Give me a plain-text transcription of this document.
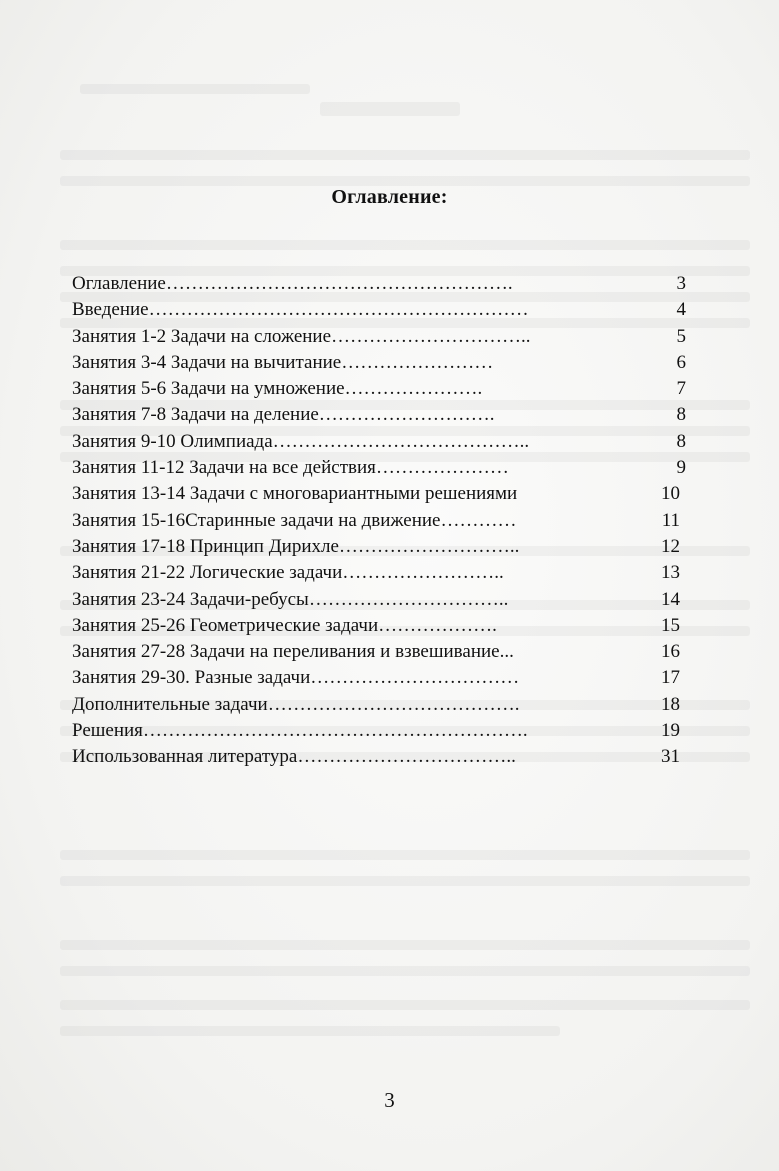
Оглавление:
Оглавление……………………………………………….	3
Введение……………………………………………………	4
Занятия 1-2 Задачи на сложение…………………………..	5
Занятия 3-4 Задачи на вычитание……………………	6
Занятия 5-6 Задачи на умножение………………….	7
Занятия 7-8 Задачи на деление……………………….	8
Занятия 9-10 Олимпиада…………………………………..	8
Занятия 11-12 Задачи на все действия…………………	9
Занятия 13-14 Задачи с многовариантными решениями	10
Занятия 15-16Старинные задачи на движение…………	11
Занятия 17-18 Принцип Дирихле………………………..	12
Занятия 21-22 Логические задачи……………………..	13
Занятия 23-24 Задачи-ребусы…………………………..	14
Занятия 25-26 Геометрические задачи……………….	15
Занятия 27-28 Задачи на переливания и взвешивание...	16
Занятия 29-30. Разные задачи……………………………	17
Дополнительные задачи………………………………….	18
Решения…………………………………………………….	19
Использованная литература……………………………..	31
3
